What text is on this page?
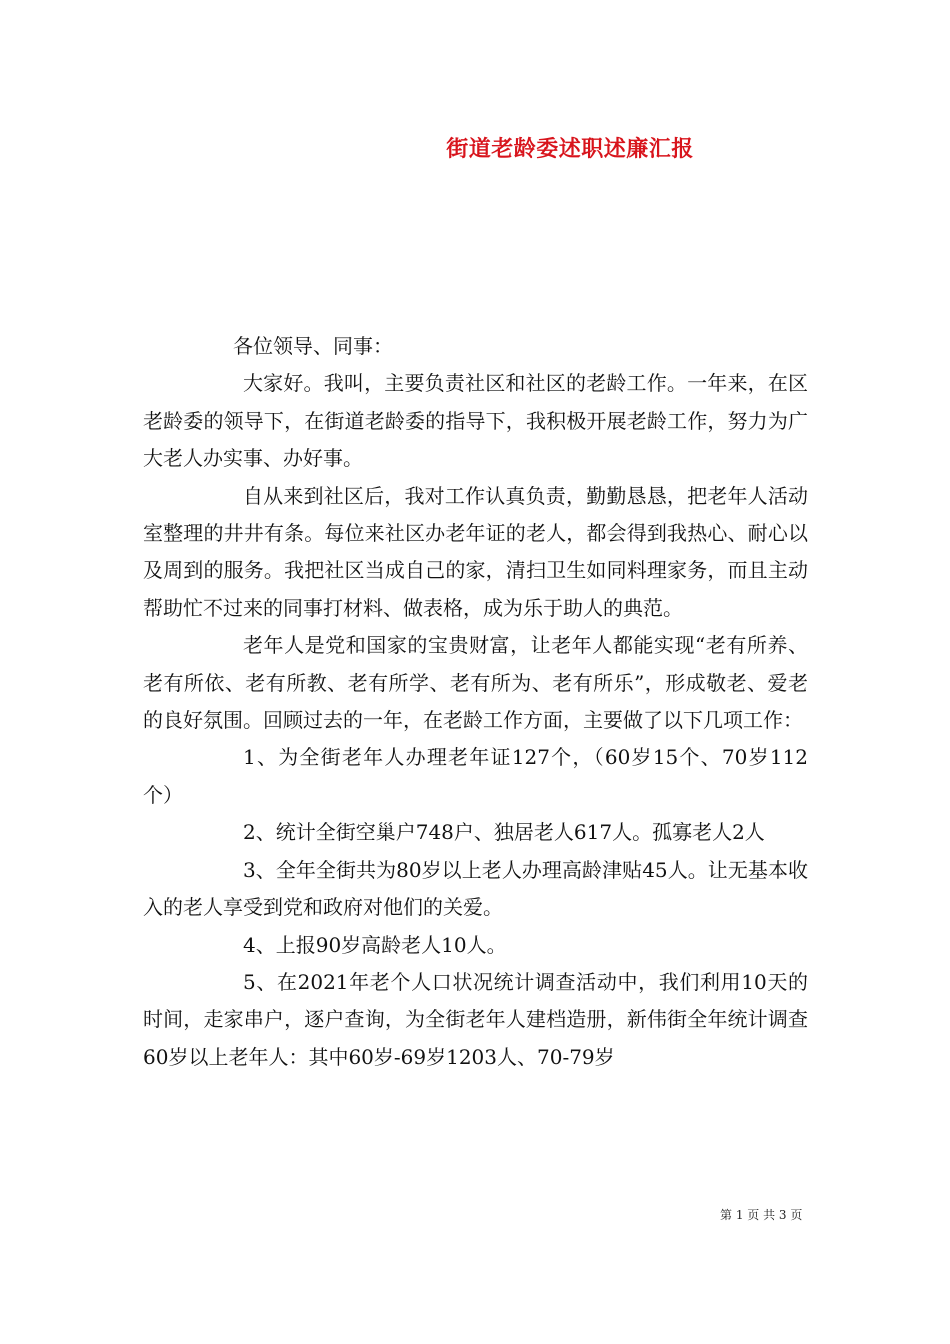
街道老龄委述职述廉汇报

各位领导、同事：

大家好。我叫，主要负责社区和社区的老龄工作。一年来，在区老龄委的领导下，在街道老龄委的指导下，我积极开展老龄工作，努力为广大老人办实事、办好事。

自从来到社区后，我对工作认真负责，勤勤恳恳，把老年人活动室整理的井井有条。每位来社区办老年证的老人，都会得到我热心、耐心以及周到的服务。我把社区当成自己的家，清扫卫生如同料理家务，而且主动帮助忙不过来的同事打材料、做表格，成为乐于助人的典范。

老年人是党和国家的宝贵财富，让老年人都能实现“老有所养、老有所依、老有所教、老有所学、老有所为、老有所乐”，形成敬老、爱老的良好氛围。回顾过去的一年，在老龄工作方面，主要做了以下几项工作：

1、为全街老年人办理老年证127个，（60岁15个、70岁112个）

2、统计全街空巢户748户、独居老人617人。孤寡老人2人

3、全年全街共为80岁以上老人办理高龄津贴45人。让无基本收入的老人享受到党和政府对他们的关爱。

4、上报90岁高龄老人10人。

5、在2021年老个人口状况统计调查活动中，我们利用10天的时间，走家串户，逐户查询，为全街老年人建档造册，新伟街全年统计调查60岁以上老年人：其中60岁-69岁1203人、70-79岁

第 1 页 共 3 页
